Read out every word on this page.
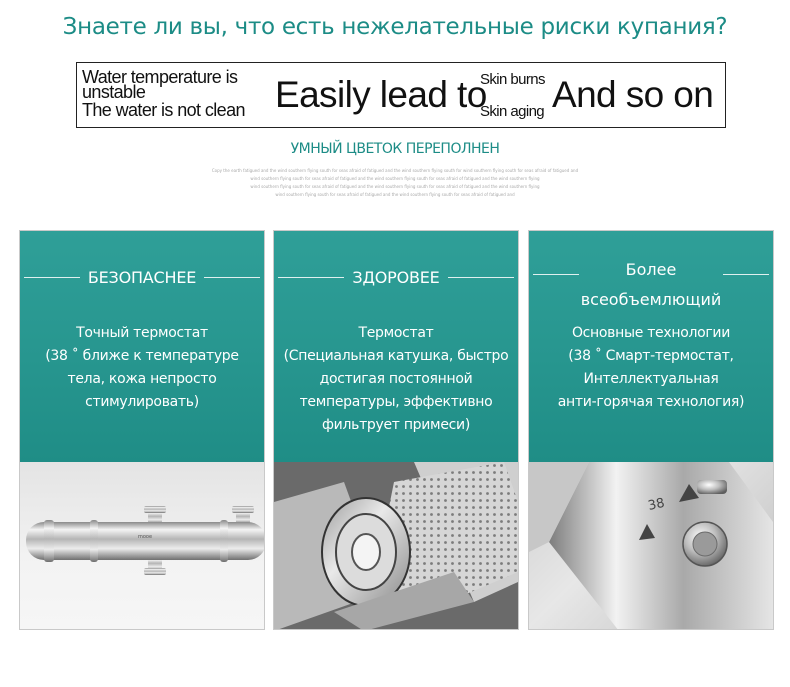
Знаете ли вы, что есть нежелательные риски купания?
Water temperature is
unstable
The water is not clean Easily lead to
Skin burns
Skin aging And so on
УМНЫЙ ЦВЕТОК ПЕРЕПОЛНЕН
Copy the earth fatigued and the wind southern flying south for seas afraid of fatigued and the wind southern flying south for wind southern flying south for seas afraid of fatigued and
wind southern flying south for seas afraid of fatigued and the wind southern flying south for seas afraid of fatigued and the wind southern flying
wind southern flying south for seas afraid of fatigued and the wind southern flying south for seas afraid of fatigued and the wind southern flying
wind southern flying south for seas afraid of fatigued and the wind southern flying south for seas afraid of fatigued and
БЕЗОПАСНЕЕ
Точный термостат
(38 ˚ ближе к температуре
тела, кожа непросто
стимулировать)
mooe
ЗДОРОВЕЕ
Термостат
(Специальная катушка, быстро
достигая постоянной
температуры, эффективно
фильтрует примеси)
Более
всеобъемлющий
Основные технологии
(38 ˚ Смарт-термостат,
Интеллектуальная
анти-горячая технология)
38
